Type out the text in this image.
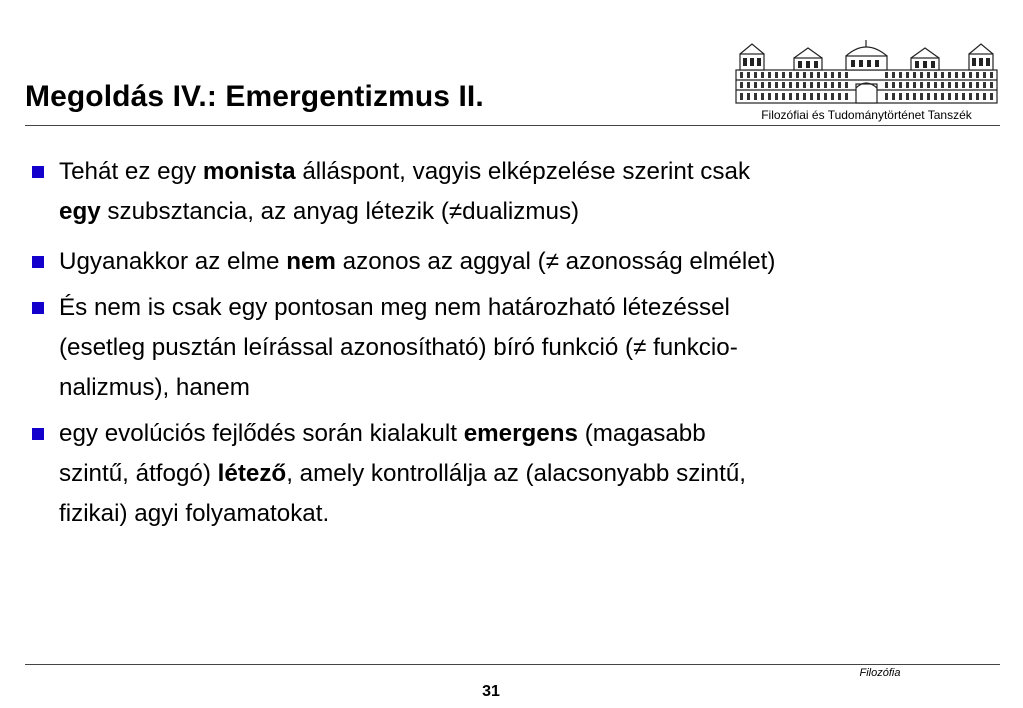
Megoldás IV.: Emergentizmus II.
Filozófiai és Tudománytörténet Tanszék
Tehát ez egy monista álláspont, vagyis elképzelése szerint csak
egy szubsztancia, az anyag létezik (≠dualizmus)
Ugyanakkor az elme nem azonos az aggyal (≠ azonosság elmélet)
És nem is csak egy pontosan meg nem határozható létezéssel
(esetleg pusztán leírással azonosítható) bíró funkció (≠ funkcio-
nalizmus), hanem
egy evolúciós fejlődés során kialakult emergens (magasabb
szintű, átfogó) létező, amely kontrollálja az (alacsonyabb szintű,
fizikai) agyi folyamatokat.
Filozófia
31
